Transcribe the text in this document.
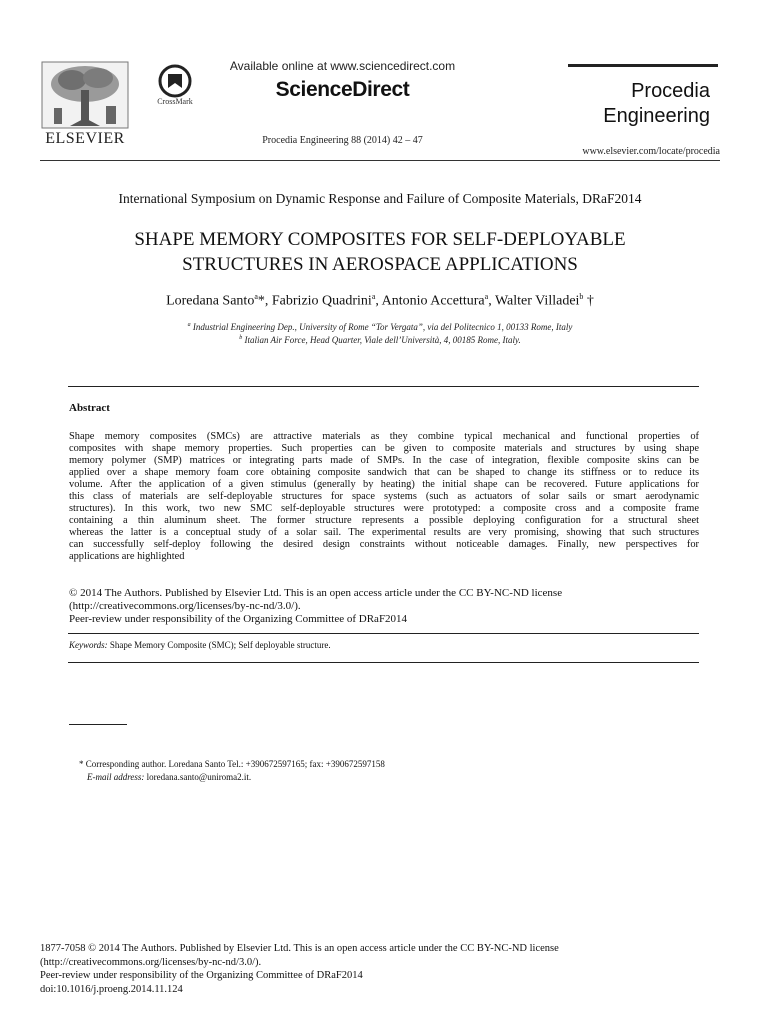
ELSEVIER
CrossMark
Available online at www.sciencedirect.com
ScienceDirect
Procedia Engineering 88 (2014) 42 – 47
Procedia
Engineering
www.elsevier.com/locate/procedia
International Symposium on Dynamic Response and Failure of Composite Materials, DRaF2014
SHAPE MEMORY COMPOSITES FOR SELF-DEPLOYABLE
STRUCTURES IN AEROSPACE APPLICATIONS
Loredana Santo$^a$*, Fabrizio Quadrini$^a$, Antonio Accettura$^a$, Walter Villadei$^b$ †
$^a$ Industrial Engineering Dep., University of Rome “Tor Vergata”, via del Politecnico 1, 00133 Rome, Italy
$^b$ Italian Air Force, Head Quarter, Viale dell’Università, 4, 00185 Rome, Italy.
Abstract
Shape memory composites (SMCs) are attractive materials as they combine typical mechanical and functional properties of
composites with shape memory properties. Such properties can be given to composite materials and structures by using shape
memory polymer (SMP) matrices or integrating parts made of SMPs. In the case of integration, flexible composite skins can be
applied over a shape memory foam core obtaining composite sandwich that can be shaped to change its stiffness or to reduce its
volume. After the application of a given stimulus (generally by heating) the initial shape can be recovered. Future applications for
this class of materials are self-deployable structures for space systems (such as actuators of solar sails or smart aerodynamic
structures). In this work, two new SMC self-deployable structures were prototyped: a composite cross and a composite frame
containing a thin aluminum sheet. The former structure represents a possible deploying configuration for a structural sheet
whereas the latter is a conceptual study of a solar sail. The experimental results are very promising, showing that such structures
can successfully self-deploy following the desired design constraints without noticeable damages. Finally, new perspectives for
applications are highlighted
© 2014 The Authors. Published by Elsevier Ltd. This is an open access article under the CC BY-NC-ND license
(http://creativecommons.org/licenses/by-nc-nd/3.0/).
Peer-review under responsibility of the Organizing Committee of DRaF2014
Keywords: Shape Memory Composite (SMC); Self deployable structure.
* Corresponding author. Loredana Santo Tel.: +390672597165; fax: +390672597158
E-mail address: loredana.santo@uniroma2.it.
1877-7058 © 2014 The Authors. Published by Elsevier Ltd. This is an open access article under the CC BY-NC-ND license
(http://creativecommons.org/licenses/by-nc-nd/3.0/).
Peer-review under responsibility of the Organizing Committee of DRaF2014
doi:10.1016/j.proeng.2014.11.124
